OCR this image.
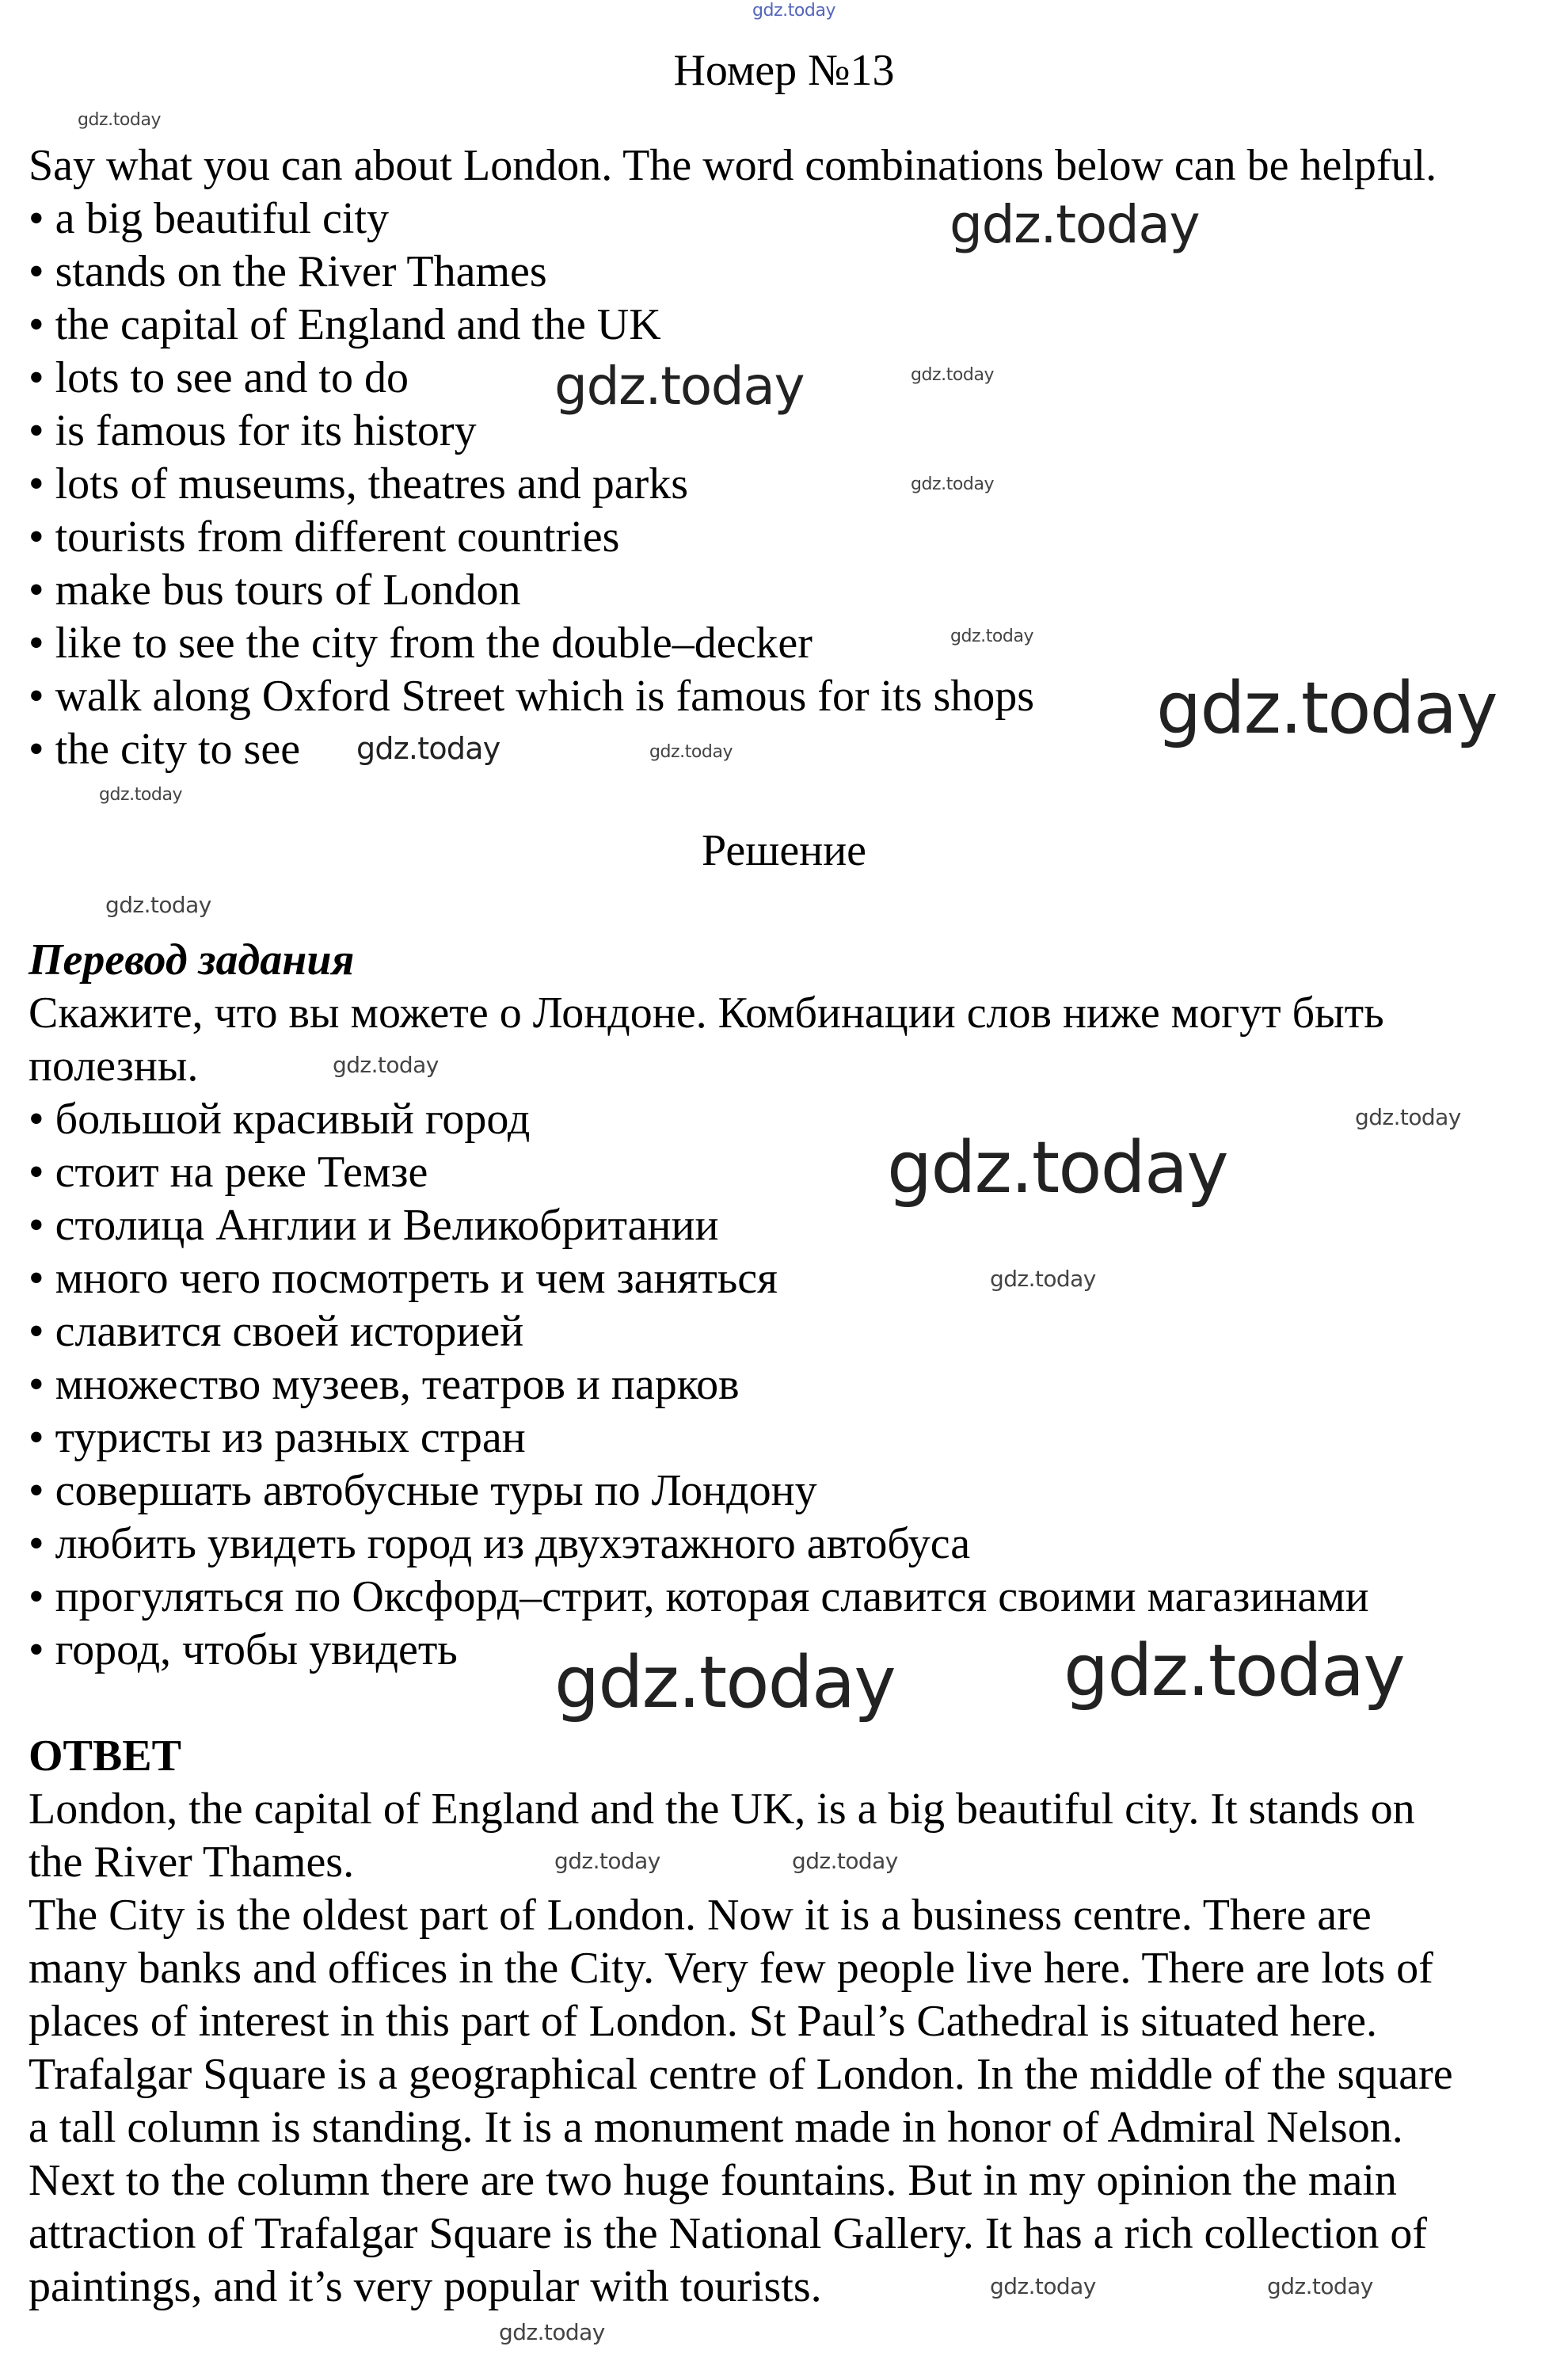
Номер №13
Say what you can about London. The word combinations below can be helpful.
• a big beautiful city
• stands on the River Thames
• the capital of England and the UK
• lots to see and to do
• is famous for its history
• lots of museums, theatres and parks
• tourists from different countries
• make bus tours of London
• like to see the city from the double–decker
• walk along Oxford Street which is famous for its shops
• the city to see
Решение
Перевод задания
Скажите, что вы можете о Лондоне. Комбинации слов ниже могут быть
полезны.
• большой красивый город
• стоит на реке Темзе
• столица Англии и Великобритании
• много чего посмотреть и чем заняться
• славится своей историей
• множество музеев, театров и парков
• туристы из разных стран
• совершать автобусные туры по Лондону
• любить увидеть город из двухэтажного автобуса
• прогуляться по Оксфорд–стрит, которая славится своими магазинами
• город, чтобы увидеть
ОТВЕТ
London, the capital of England and the UK, is a big beautiful city. It stands on
the River Thames.
The City is the oldest part of London. Now it is a business centre. There are
many banks and offices in the City. Very few people live here. There are lots of
places of interest in this part of London. St Paul’s Cathedral is situated here.
Trafalgar Square is a geographical centre of London. In the middle of the square
a tall column is standing. It is a monument made in honor of Admiral Nelson.
Next to the column there are two huge fountains. But in my opinion the main
attraction of Trafalgar Square is the National Gallery. It has a rich collection of
paintings, and it’s very popular with tourists.
gdz.today
gdz.today
gdz.today
gdz.today
gdz.today
gdz.today
gdz.today
gdz.today
gdz.today	gdz.today
gdz.today
gdz.today
gdz.today
gdz.today
gdz.today
gdz.today
gdz.today
gdz.today
gdz.today	gdz.today
gdz.today
gdz.today	gdz.today
